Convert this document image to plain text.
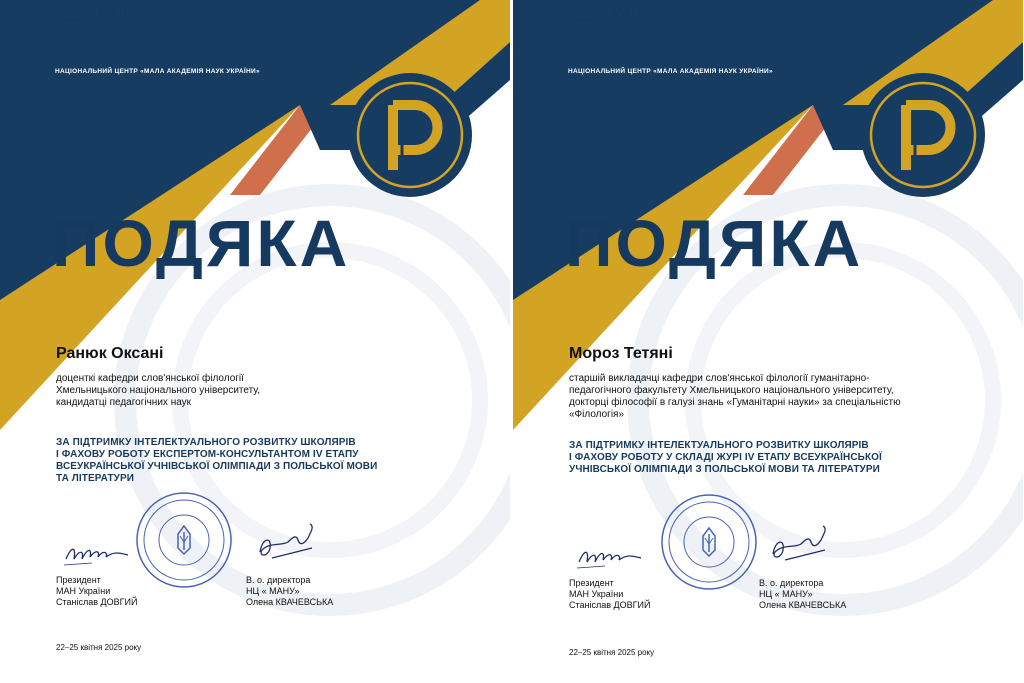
unesco
· · ·
· · ·
МАН.
Мала академія
наук України
НАЦІОНАЛЬНИЙ ЦЕНТР «МАЛА АКАДЕМІЯ НАУК УКРАЇНИ»
ПОДЯКА
Ранюк Оксані
доценткі кафедри слов'янської філології
Хмельницького національного університету,
кандидатці педагогічних наук
ЗА ПІДТРИМКУ ІНТЕЛЕКТУАЛЬНОГО РОЗВИТКУ ШКОЛЯРІВ
І ФАХОВУ РОБОТУ ЕКСПЕРТОМ-КОНСУЛЬТАНТОМ IV ЕТАПУ
ВСЕУКРАЇНСЬКОЇ УЧНІВСЬКОЇ ОЛІМПІАДИ З ПОЛЬСЬКОЇ МОВИ
ТА ЛІТЕРАТУРИ
Президент
МАН України
Станіслав ДОВГИЙ
В. о. директора
НЦ « МАНУ»
Олена КВАЧЕВСЬКА
22–25 квітня 2025 року
unesco
· · ·
· · ·
МАН.
Мала академія
наук України
НАЦІОНАЛЬНИЙ ЦЕНТР «МАЛА АКАДЕМІЯ НАУК УКРАЇНИ»
ПОДЯКА
Мороз Тетяні
старшій викладачці кафедри слов'янської філології гуманітарно-
педагогічного факультету Хмельницького національного університету,
докторці філософії в галузі знань «Гуманітарні науки» за спеціальністю
«Філологія»
ЗА ПІДТРИМКУ ІНТЕЛЕКТУАЛЬНОГО РОЗВИТКУ ШКОЛЯРІВ
І ФАХОВУ РОБОТУ У СКЛАДІ ЖУРІ IV ЕТАПУ ВСЕУКРАЇНСЬКОЇ
УЧНІВСЬКОЇ ОЛІМПІАДИ З ПОЛЬСЬКОЇ МОВИ ТА ЛІТЕРАТУРИ
Президент
МАН України
Станіслав ДОВГИЙ
В. о. директора
НЦ « МАНУ»
Олена КВАЧЕВСЬКА
22–25 квітня 2025 року
